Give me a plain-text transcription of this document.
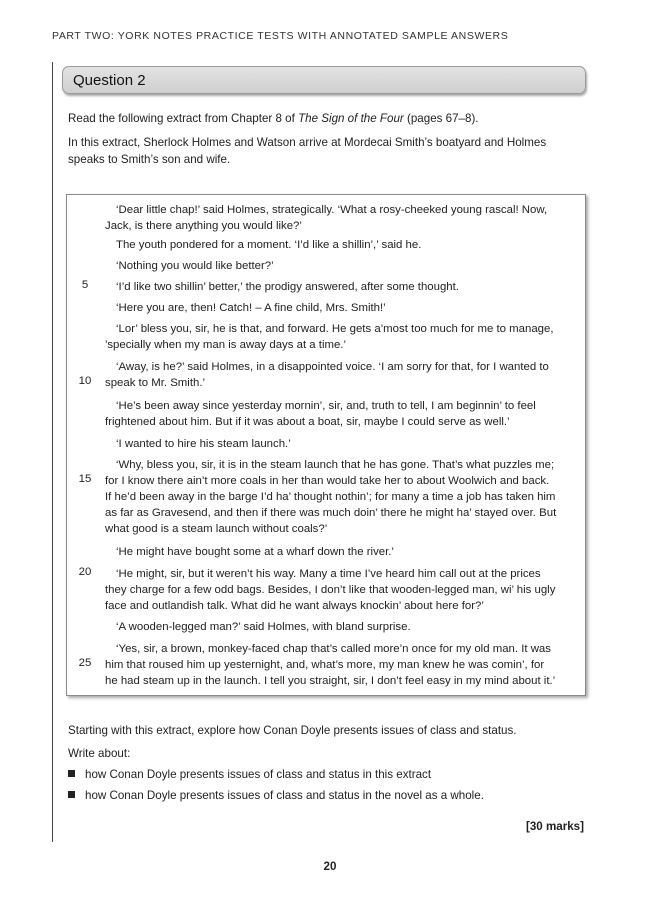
PART TWO: YORK NOTES PRACTICE TESTS WITH ANNOTATED SAMPLE ANSWERS
Question 2

Read the following extract from Chapter 8 of The Sign of the Four (pages 67–8).

In this extract, Sherlock Holmes and Watson arrive at Mordecai Smith’s boatyard and Holmes

speaks to Smith’s son and wife.

‘Dear little chap!’ said Holmes, strategically. ‘What a rosy-cheeked young rascal! Now,
Jack, is there anything you would like?’
The youth pondered for a moment. ‘I’d like a shillin’,’ said he.
‘Nothing you would like better?’
‘I’d like two shillin’ better,’ the prodigy answered, after some thought.
‘Here you are, then! Catch! – A fine child, Mrs. Smith!’
‘Lor’ bless you, sir, he is that, and forward. He gets a’most too much for me to manage,
’specially when my man is away days at a time.’
‘Away, is he?’ said Holmes, in a disappointed voice. ‘I am sorry for that, for I wanted to
speak to Mr. Smith.’
‘He’s been away since yesterday mornin’, sir, and, truth to tell, I am beginnin’ to feel
frightened about him. But if it was about a boat, sir, maybe I could serve as well.’
‘I wanted to hire his steam launch.’
‘Why, bless you, sir, it is in the steam launch that he has gone. That’s what puzzles me;
for I know there ain’t more coals in her than would take her to about Woolwich and back.
If he’d been away in the barge I’d ha’ thought nothin’; for many a time a job has taken him
as far as Gravesend, and then if there was much doin’ there he might ha’ stayed over. But
what good is a steam launch without coals?’
‘He might have bought some at a wharf down the river.’
‘He might, sir, but it weren’t his way. Many a time I’ve heard him call out at the prices
they charge for a few odd bags. Besides, I don’t like that wooden-legged man, wi’ his ugly
face and outlandish talk. What did he want always knockin’ about here for?’
‘A wooden-legged man?’ said Holmes, with bland surprise.
‘Yes, sir, a brown, monkey-faced chap that’s called more’n once for my old man. It was
him that roused him up yesternight, and, what’s more, my man knew he was comin’, for
he had steam up in the launch. I tell you straight, sir, I don’t feel easy in my mind about it.’
5
10
15
20
25

Starting with this extract, explore how Conan Doyle presents issues of class and status.

Write about:

how Conan Doyle presents issues of class and status in this extract
how Conan Doyle presents issues of class and status in the novel as a whole.
[30 marks]
20
